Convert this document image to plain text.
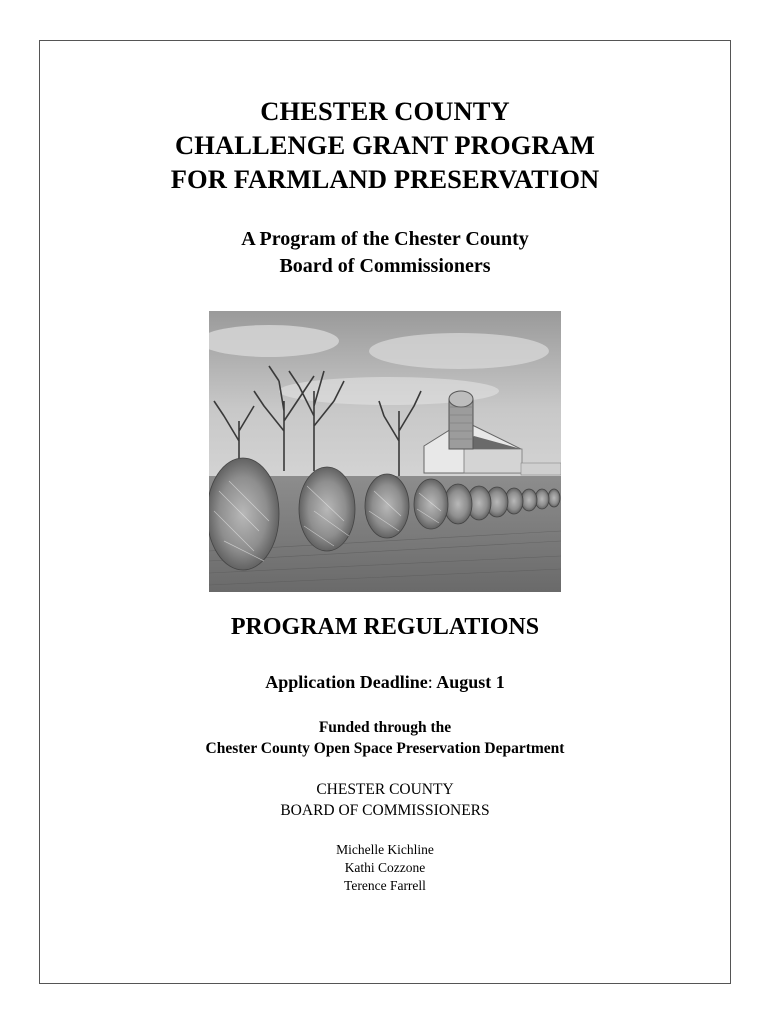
CHESTER COUNTY
CHALLENGE GRANT PROGRAM
FOR FARMLAND PRESERVATION
A Program of the Chester County
Board of Commissioners
PROGRAM REGULATIONS
Application Deadline: August 1
Funded through the
Chester County Open Space Preservation Department
CHESTER COUNTY
BOARD OF COMMISSIONERS
Michelle Kichline
Kathi Cozzone
Terence Farrell
